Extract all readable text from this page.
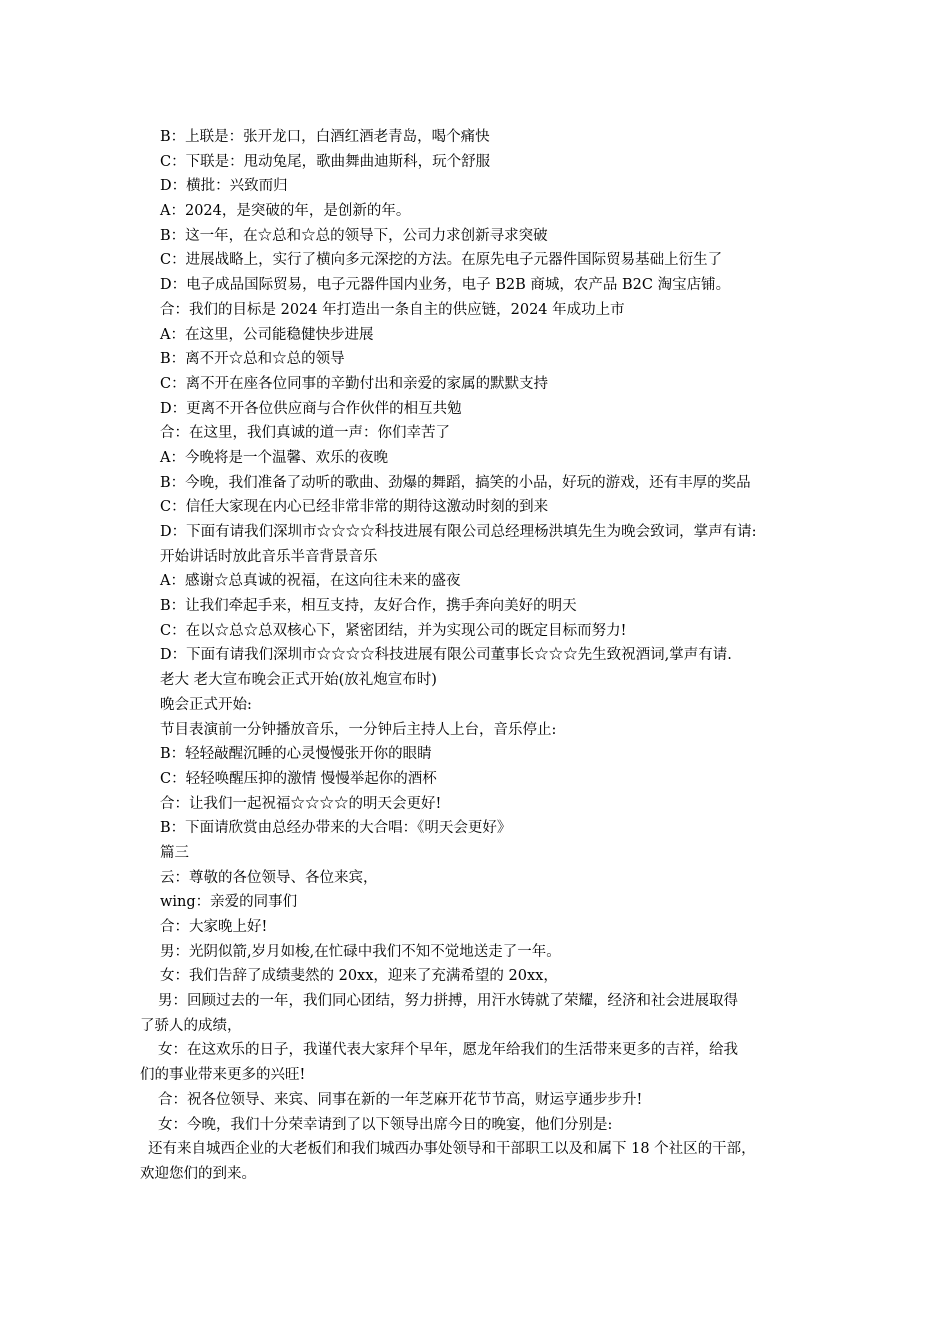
B：上联是：张开龙口，白酒红酒老青岛，喝个痛快
C：下联是：甩动兔尾，歌曲舞曲迪斯科，玩个舒服
D：横批：兴致而归
A：2024，是突破的年，是创新的年。
B：这一年，在☆总和☆总的领导下，公司力求创新寻求突破
C：进展战略上，实行了横向多元深挖的方法。在原先电子元器件国际贸易基础上衍生了
D：电子成品国际贸易，电子元器件国内业务，电子 B2B 商城，农产品 B2C 淘宝店铺。
合：我们的目标是 2024 年打造出一条自主的供应链，2024 年成功上市
A：在这里，公司能稳健快步进展
B：离不开☆总和☆总的领导
C：离不开在座各位同事的辛勤付出和亲爱的家属的默默支持
D：更离不开各位供应商与合作伙伴的相互共勉
合：在这里，我们真诚的道一声：你们幸苦了
A：今晚将是一个温馨、欢乐的夜晚
B：今晚，我们准备了动听的歌曲、劲爆的舞蹈，搞笑的小品，好玩的游戏，还有丰厚的奖品
C：信任大家现在内心已经非常非常的期待这激动时刻的到来
D：下面有请我们深圳市☆☆☆☆科技进展有限公司总经理杨洪填先生为晚会致词，掌声有请:
开始讲话时放此音乐半音背景音乐
A：感谢☆总真诚的祝福，在这向往未来的盛夜
B：让我们牵起手来，相互支持，友好合作，携手奔向美好的明天
C：在以☆总☆总双核心下，紧密团结，并为实现公司的既定目标而努力!
D：下面有请我们深圳市☆☆☆☆科技进展有限公司董事长☆☆☆先生致祝酒词,掌声有请.
老大 老大宣布晚会正式开始(放礼炮宣布时)
晚会正式开始:
节目表演前一分钟播放音乐，一分钟后主持人上台，音乐停止:
B：轻轻敲醒沉睡的心灵慢慢张开你的眼睛
C：轻轻唤醒压抑的激情 慢慢举起你的酒杯
合：让我们一起祝福☆☆☆☆的明天会更好!
B：下面请欣赏由总经办带来的大合唱：《明天会更好》
篇三
云：尊敬的各位领导、各位来宾，
wing：亲爱的同事们
合：大家晚上好!
男：光阴似箭,岁月如梭,在忙碌中我们不知不觉地送走了一年。
女：我们告辞了成绩斐然的 20xx，迎来了充满希望的 20xx，
男：回顾过去的一年，我们同心团结，努力拼搏，用汗水铸就了荣耀，经济和社会进展取得
了骄人的成绩，
女：在这欢乐的日子，我谨代表大家拜个早年，愿龙年给我们的生活带来更多的吉祥，给我
们的事业带来更多的兴旺!
合：祝各位领导、来宾、同事在新的一年芝麻开花节节高，财运亨通步步升!
女：今晚，我们十分荣幸请到了以下领导出席今日的晚宴，他们分别是:
还有来自城西企业的大老板们和我们城西办事处领导和干部职工以及和属下 18 个社区的干部，
欢迎您们的到来。
